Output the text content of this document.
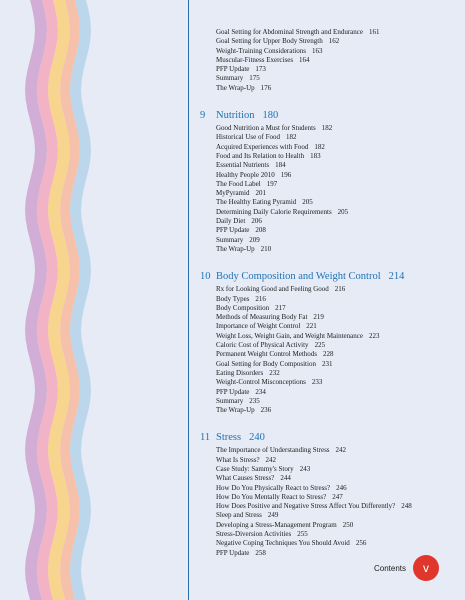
Goal Setting for Abdominal Strength and Endurance 161
Goal Setting for Upper Body Strength 162
Weight-Training Considerations 163
Muscular-Fitness Exercises 164
PFP Update 173
Summary 175
The Wrap-Up 176
9	Nutrition 180
Good Nutrition a Must for Students 182
Historical Use of Food 182
Acquired Experiences with Food 182
Food and Its Relation to Health 183
Essential Nutrients 184
Healthy People 2010 196
The Food Label 197
MyPyramid 201
The Healthy Eating Pyramid 205
Determining Daily Calorie Requirements 205
Daily Diet 206
PFP Update 208
Summary 209
The Wrap-Up 210
10 Body Composition and Weight Control 214
Rx for Looking Good and Feeling Good 216
Body Types 216
Body Composition 217
Methods of Measuring Body Fat 219
Importance of Weight Control 221
Weight Loss, Weight Gain, and Weight Maintenance 223
Caloric Cost of Physical Activity 225
Permanent Weight Control Methods 228
Goal Setting for Body Composition 231
Eating Disorders 232
Weight-Control Misconceptions 233
PFP Update 234
Summary 235
The Wrap-Up 236
11 Stress 240
The Importance of Understanding Stress 242
What Is Stress? 242
Case Study: Sammy's Story 243
What Causes Stress? 244
How Do You Physically React to Stress? 246
How Do You Mentally React to Stress? 247
How Does Positive and Negative Stress Affect You Differently? 248
Sleep and Stress 249
Developing a Stress-Management Program 250
Stress-Diversion Activities 255
Negative Coping Techniques You Should Avoid 256
PFP Update 258
Contents	v
